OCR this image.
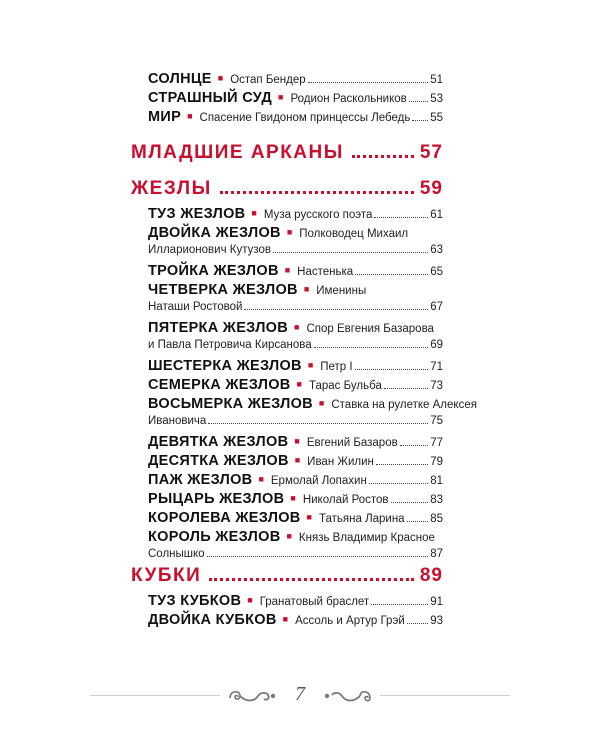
СОЛНЦЕ ■ Остап Бендер	51
СТРАШНЫЙ СУД ■ Родион Раскольников 53
МИР ■ Спасение Гвидоном принцессы Лебедь 55
МЛАДШИЕ АРКАНЫ	57
ЖЕЗЛЫ	59
ТУЗ ЖЕЗЛОВ ■ Муза русского поэта	61
ДВОЙКА ЖЕЗЛОВ ■ Полководец Михаил
Илларионович Кутузов	63
ТРОЙКА ЖЕЗЛОВ ■ Настенька	65
ЧЕТВЕРКА ЖЕЗЛОВ ■ Именины
Наташи Ростовой	67
ПЯТЕРКА ЖЕЗЛОВ ■ Спор Евгения Базарова
и Павла Петровича Кирсанова	69
ШЕСТЕРКА ЖЕЗЛОВ ■ Петр I	71
СЕМЕРКА ЖЕЗЛОВ ■ Тарас Бульба	73
ВОСЬМЕРКА ЖЕЗЛОВ ■ Ставка на рулетке Алексея
Ивановича	75
ДЕВЯТКА ЖЕЗЛОВ ■ Евгений Базаров	77
ДЕСЯТКА ЖЕЗЛОВ ■ Иван Жилин	79
ПАЖ ЖЕЗЛОВ ■ Ермолай Лопахин	81
РЫЦАРЬ ЖЕЗЛОВ ■ Николай Ростов	83
КОРОЛЕВА ЖЕЗЛОВ ■ Татьяна Ларина 85
КОРОЛЬ ЖЕЗЛОВ ■ Князь Владимир Красное
Солнышко	87
КУБКИ	89
ТУЗ КУБКОВ ■ Гранатовый браслет	91
ДВОЙКА КУБКОВ ■ Ассоль и Артур Грэй 93
7
